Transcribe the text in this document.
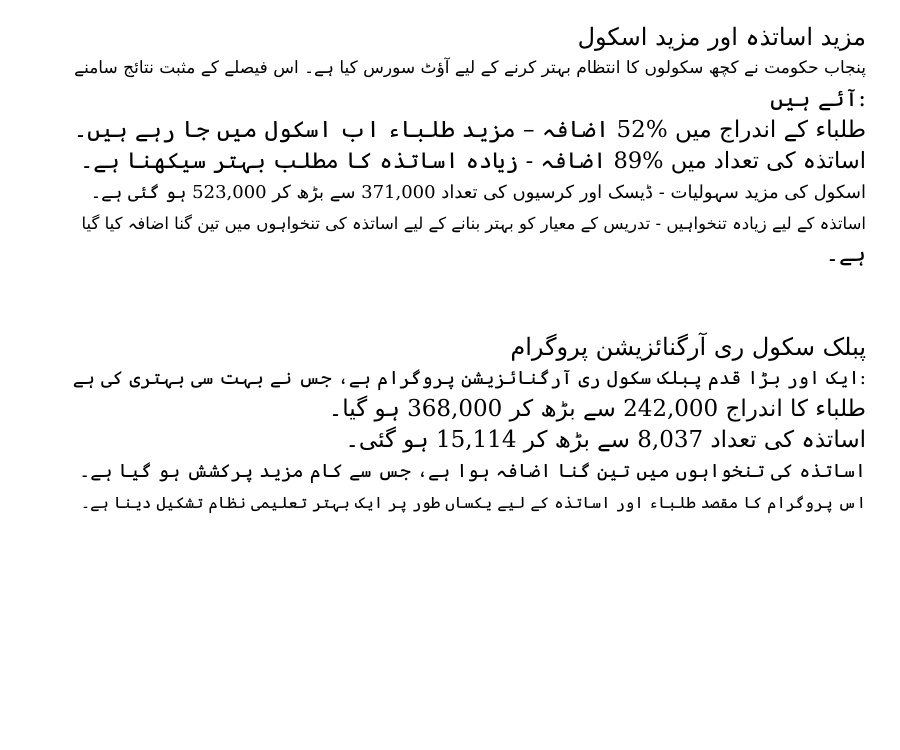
مزید اساتذہ اور مزید اسکول
پنجاب حکومت نے کچھ سکولوں کا انتظام بہتر کرنے کے لیے آؤٹ سورس کیا ہے۔ اس فیصلے کے مثبت نتائج سامنے
:آئے ہیں
طلباء کے اندراج میں %52 اضافہ – مزید طلباء اب اسکول میں جا رہے ہیں۔
اساتذہ کی تعداد میں %89 اضافہ - زیادہ اساتذہ کا مطلب بہتر سیکھنا ہے۔
اسکول کی مزید سہولیات - ڈیسک اور کرسیوں کی تعداد 371,000 سے بڑھ کر 523,000 ہو گئی ہے۔
اساتذہ کے لیے زیادہ تنخواہیں - تدریس کے معیار کو بہتر بنانے کے لیے اساتذہ کی تنخواہوں میں تین گنا اضافہ کیا گیا
ہے۔
پبلک سکول ری آرگنائزیشن پروگرام
:ایک اور بڑا قدم پبلک سکول ری آرگنائزیشن پروگرام ہے، جس نے بہت سی بہتری کی ہے
طلباء کا اندراج 242,000 سے بڑھ کر 368,000 ہو گیا۔
اساتذہ کی تعداد 8,037 سے بڑھ کر 15,114 ہو گئی۔
اساتذہ کی تنخواہوں میں تین گنا اضافہ ہوا ہے، جس سے کام مزید پرکشش ہو گیا ہے۔
اس پروگرام کا مقصد طلباء اور اساتذہ کے لیے یکساں طور پر ایک بہتر تعلیمی نظام تشکیل دینا ہے۔
